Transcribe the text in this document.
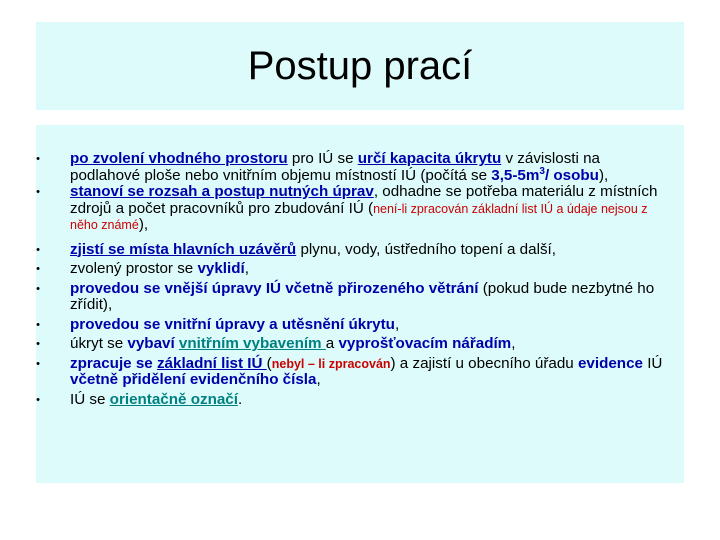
Postup prací
•	po zvolení vhodného prostoru pro IÚ se určí kapacita úkrytu v závislosti na podlahové ploše nebo vnitřním objemu místností IÚ (počítá se $3,5-5m^3/$ osobu),
•	stanoví se rozsah a postup nutných úprav, odhadne se potřeba materiálu z místních zdrojů a počet pracovníků pro zbudování IÚ (není-li zpracován základní list IÚ a údaje nejsou z něho známé),
•	zjistí se místa hlavních uzávěrů plynu, vody, ústředního topení a další,
•	zvolený prostor se vyklidí,
•	provedou se vnější úpravy IÚ včetně přirozeného větrání (pokud bude nezbytné ho zřídit),
•	provedou se vnitřní úpravy a utěsnění úkrytu,
•	úkryt se vybaví vnitřním vybavením a vyprošťovacím nářadím,
•	zpracuje se základní list IÚ (nebyl – li zpracován) a zajistí u obecního úřadu evidence IÚ včetně přidělení evidenčního čísla,
•	IÚ se orientačně označí.
